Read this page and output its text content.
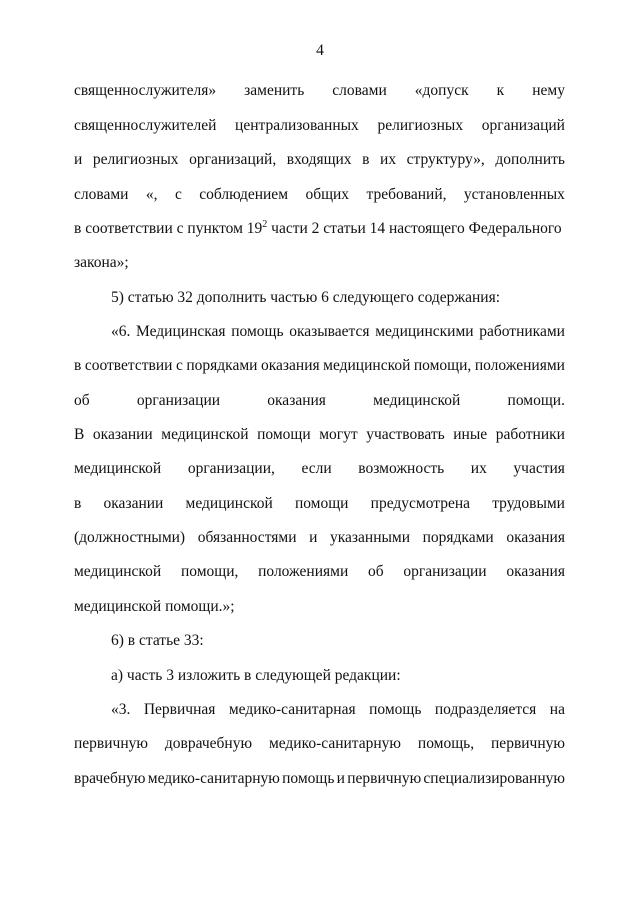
4
священнослужителя» заменить словами «допуск к нему
священнослужителей централизованных религиозных организаций
и религиозных организаций, входящих в их структуру», дополнить
словами «, с соблюдением общих требований, установленных
в соответствии с пунктом $19^2$ части 2 статьи 14 настоящего Федерального
закона»;
5) статью 32 дополнить частью 6 следующего содержания:
«6. Медицинская помощь оказывается медицинскими работниками
в соответствии с порядками оказания медицинской помощи, положениями
об	организации	оказания	медицинской	помощи.
В оказании медицинской помощи могут участвовать иные работники
медицинской организации, если возможность их участия
в оказании медицинской помощи предусмотрена трудовыми
(должностными) обязанностями и указанными порядками оказания
медицинской помощи, положениями об организации оказания
медицинской помощи.»;
6) в статье 33:
а) часть 3 изложить в следующей редакции:
«3. Первичная медико-санитарная помощь подразделяется на
первичную доврачебную медико-санитарную помощь, первичную
врачебную медико-санитарную помощь и первичную специализированную
